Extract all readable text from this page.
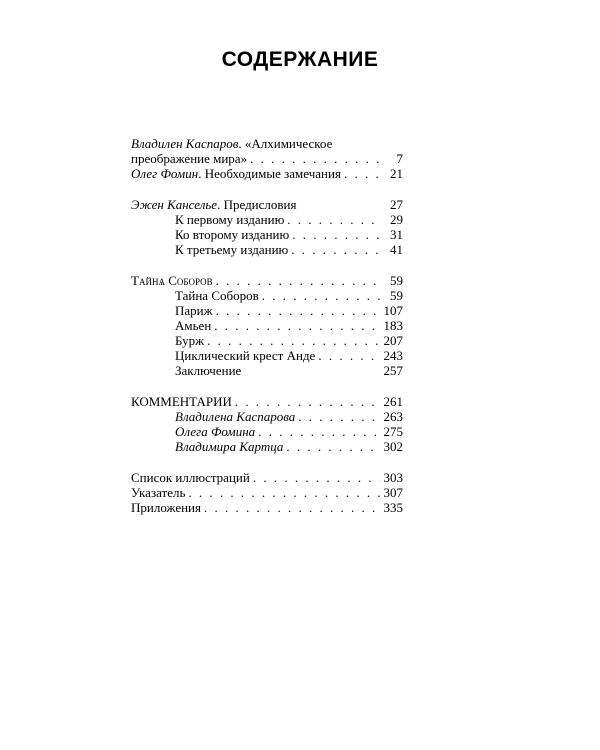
СОДЕРЖАНИЕ
Владилен Каспаров. «Алхимическое
преображение мира» . . .	7
Олег Фомин. Необходимые замечания . . .	21
Эжен Канселье. Предисловия	27
К первому изданию . . .	29
Ко второму изданию . . .	31
К третьему изданию . . .	41
Тайнѧ Соборов . . .	59
Тайна Соборов . . .	59
Париж . . .	107
Амьен . . .	183
Бурж . . .	207
Циклический крест Анде . . .	243
Заключение	257
КОММЕНТАРИИ . . .	261
Владилена Каспарова . . .	263
Олега Фомина . . .	275
Владимира Картца . . .	302
Список иллюстраций . . .	303
Указатель . . .	307
Приложения . . .	335
